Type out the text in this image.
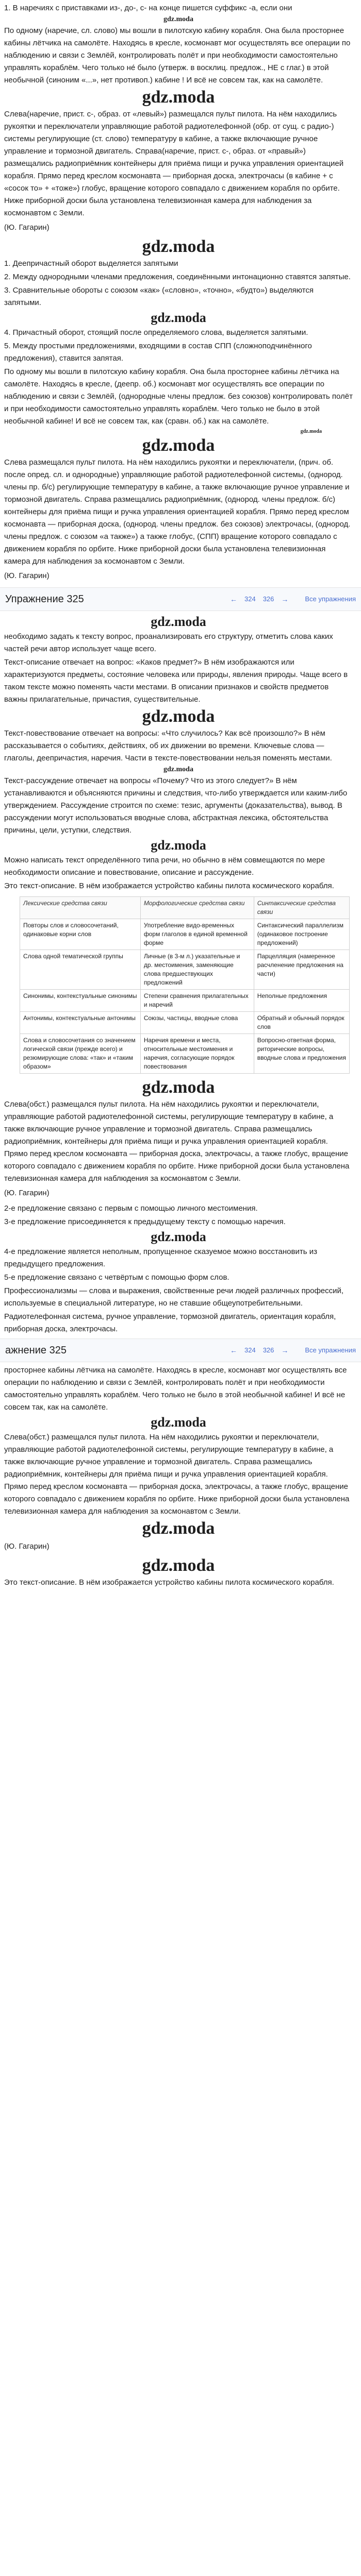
1. В наречиях с приставками из-, до-, с- на конце пишется суффикс -а, если они

gdz.moda

По одному (наречие, сл. слово) мы вошли в пилотскую кабину корабля. Она была просторнее кабины лётчика на самолёте. Находясь в кресле, космонавт мог осуществлять все операции по наблюдению и связи с Землёй, контролировать полёт и при необходимости самостоятельно управлять кораблём. Чего только не́ было (утверж. в восклиц. предлож., НЕ с глаг.) в этой необычной (синоним «...», нет противоп.) кабине ! И всё не совсем так, как на самолёте.

gdz.moda

Слева(наречие, прист. с-, образ. от «левый») размещался пульт пилота. На нём находились рукоятки и переключатели управляющие работой радиотелефонной (обр. от сущ. с радио-) системы регулирующие (ст. слово) температуру в кабине, а также включающие ручное управление и тормозной двигатель. Справа(наречие, прист. с-, образ. от «правый») размещались радиоприёмник контейнеры для приёма пищи и ручка управления ориентацией корабля. Прямо перед креслом космонавта — приборная доска, электрочасы (в кабине + с «сосок то» + «тоже») глобус, вращение которого совпадало с движением корабля по орбите. Ниже приборной доски была установлена телевизионная камера для наблюдения за космонавтом с Земли.

(Ю. Гагарин)

gdz.moda

1. Деепричастный оборот выделяется запятыми

2. Между однородными членами предложения, соединёнными интонационно ставятся запятые.

3. Сравнительные обороты с союзом «как» («словно», «точно», «будто») выделяются запятыми.

gdz.moda

4. Причастный оборот, стоящий после определяемого слова, выделяется запятыми.

5. Между простыми предложениями, входящими в состав СПП (сложноподчинённого предложения), ставится запятая.

По одному мы вошли в пилотскую кабину корабля. Она была просторнее кабины лётчика на самолёте. Находясь в кресле, (деепр. об.) космонавт мог осуществлять все операции по наблюдению и связи с Землёй, (однородные члены предлож. без союзов) контролировать полёт и при необходимости самостоятельно управлять кораблём. Чего только не было в этой необычной кабине! И всё не совсем так, как (сравн. об.) как на самолёте.

gdz.moda
gdz.moda

Слева размещался пульт пилота. На нём находились рукоятки и переключатели, (прич. об. после опред. сл. и однородные) управляющие работой радиотелефонной системы, (однород. члены пр. б/с) регулирующие температуру в кабине, а также включающие ручное управление и тормозной двигатель. Справа размещались радиоприёмник, (однород. члены предлож. б/с) контейнеры для приёма пищи и ручка управления ориентацией корабля. Прямо перед креслом космонавта — приборная доска, (однород. члены предлож. без союзов) электрочасы, (однород. члены предлож. с союзом «а также») а также глобус, (СПП) вращение которого совпадало с движением корабля по орбите. Ниже приборной доски была установлена телевизионная камера для наблюдения за космонавтом с Земли.

(Ю. Гагарин)

Упражнение 325	← 324 326 → Все упражнения
gdz.moda

необходимо задать к тексту вопрос, проанализировать его структуру, отметить слова каких частей речи автор использует чаще всего.

Текст-описание отвечает на вопрос: «Каков предмет?» В нём изображаются или характеризуются предметы, состояние человека или природы, явления природы. Чаще всего в таком тексте можно поменять части местами. В описании признаков и свойств предметов важны прилагательные, причастия, существительные.

gdz.moda

Текст-повествование отвечает на вопросы: «Что случилось? Как всё произошло?» В нём рассказывается о событиях, действиях, об их движении во времени. Ключевые слова — глаголы, деепричастия, наречия. Части в тексте-повествовании нельзя поменять местами.

gdz.moda

Текст-рассуждение отвечает на вопросы «Почему? Что из этого следует?» В нём устанавливаются и объясняются причины и следствия, что-либо утверждается или каким-либо утверждением. Рассуждение строится по схеме: тезис, аргументы (доказательства), вывод. В рассуждении могут использоваться вводные слова, абстрактная лексика, обстоятельства причины, цели, уступки, следствия.

gdz.moda

Можно написать текст определённого типа речи, но обычно в нём совмещаются по мере необходимости описание и повествование, описание и рассуждение.

Это текст-описание. В нём изображается устройство кабины пилота космического корабля.

Лексические средства связи	Морфологические средства связи	Синтаксические средства связи
Повторы слов и словосочетаний, одинаковые корни слов	Употребление видо-временных форм глаголов в единой временной форме	Синтаксический параллелизм (одинаковое построение предложений)
Слова одной тематической группы	Личные (в 3-м л.) указательные и др. местоимения, заменяющие слова предшествующих предложений	Парцелляция (намеренное расчленение предложения на части)
Синонимы, контекстуальные синонимы	Степени сравнения прилагательных и наречий	Неполные предложения
Антонимы, контекстуальные антонимы	Союзы, частицы, вводные слова	Обратный и обычный порядок слов
Слова и словосочетания со значением логической связи (прежде всего) и резюмирующие слова: «так» и «таким образом»	Наречия времени и места, относительные местоимения и наречия, согласующие порядок повествования	Вопросно-ответная форма, риторические вопросы, вводные слова и предложения
gdz.moda

Слева(обст.) размещался пульт пилота. На нём находились рукоятки и переключатели, управляющие работой радиотелефонной системы, регулирующие температуру в кабине, а также включающие ручное управление и тормозной двигатель. Справа размещались радиоприёмник, контейнеры для приёма пищи и ручка управления ориентацией корабля. Прямо перед креслом космонавта — приборная доска, электрочасы, а также глобус, вращение которого совпадало с движением корабля по орбите. Ниже приборной доски была установлена телевизионная камера для наблюдения за космонавтом с Земли.

(Ю. Гагарин)

2-е предложение связано с первым с помощью личного местоимения.

3-е предложение присоединяется к предыдущему тексту с помощью наречия.

gdz.moda

4-е предложение является неполным, пропущенное сказуемое можно восстановить из предыдущего предложения.

5-е предложение связано с четвёртым с помощью форм слов.

Профессионализмы — слова и выражения, свойственные речи людей различных профессий, используемые в специальной литературе, но не ставшие общеупотребительными.

Радиотелефонная система, ручное управление, тормозной двигатель, ориентация корабля, приборная доска, электрочасы.

ажнение 325	← 324 326 → Все упражнения

просторнее кабины лётчика на самолёте. Находясь в кресле, космонавт мог осуществлять все операции по наблюдению и связи с Землёй, контролировать полёт и при необходимости самостоятельно управлять кораблём. Чего только не было в этой необычной кабине! И всё не совсем так, как на самолёте.

gdz.moda

Слева(обст.) размещался пульт пилота. На нём находились рукоятки и переключатели, управляющие работой радиотелефонной системы, регулирующие температуру в кабине, а также включающие ручное управление и тормозной двигатель. Справа размещались радиоприёмник, контейнеры для приёма пищи и ручка управления ориентацией корабля. Прямо перед креслом космонавта — приборная доска, электрочасы, а также глобус, вращение которого совпадало с движением корабля по орбите. Ниже приборной доски была установлена телевизионная камера для наблюдения за космонавтом с Земли.

gdz.moda

(Ю. Гагарин)

gdz.moda

Это текст-описание. В нём изображается устройство кабины пилота космического корабля.
